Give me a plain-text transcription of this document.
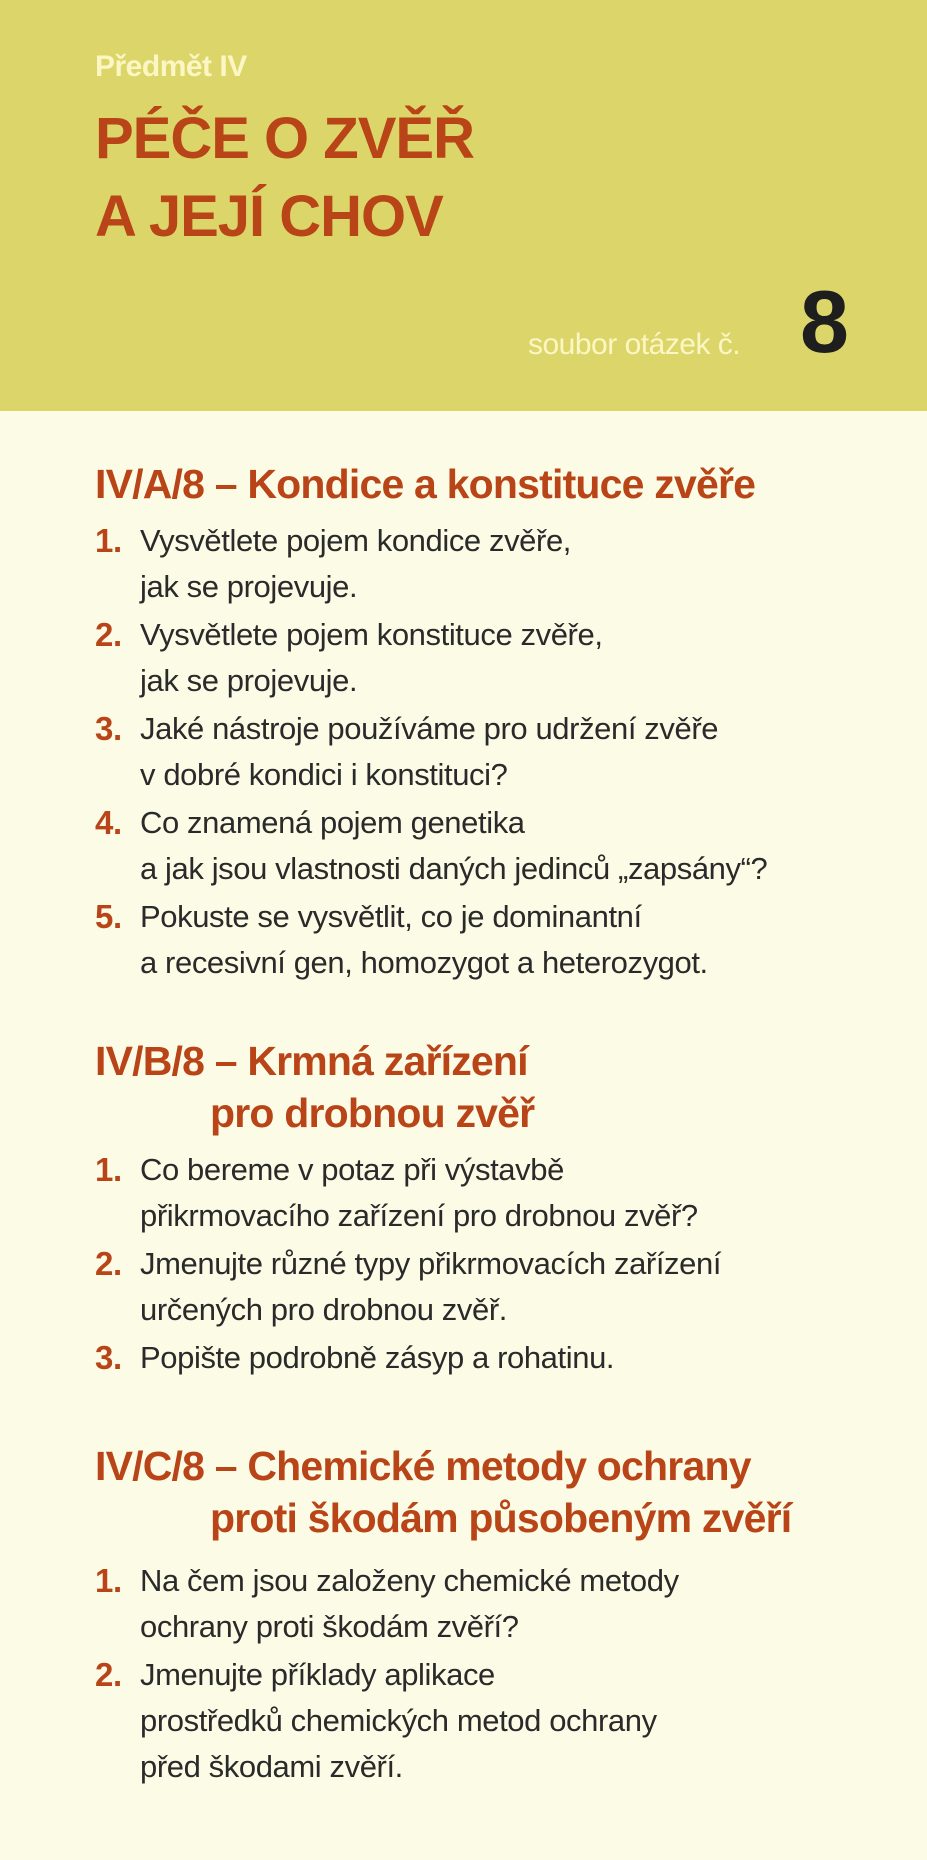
Předmět IV
PÉČE O ZVĚŘ
A JEJÍ CHOV
soubor otázek č. 8
IV/A/8 – Kondice a konstituce zvěře
1. Vysvětlete pojem kondice zvěře,
jak se projevuje.
2. Vysvětlete pojem konstituce zvěře,
jak se projevuje.
3. Jaké nástroje používáme pro udržení zvěře
v dobré kondici i konstituci?
4. Co znamená pojem genetika
a jak jsou vlastnosti daných jedinců „zapsány“?
5. Pokuste se vysvětlit, co je dominantní
a recesivní gen, homozygot a heterozygot.
IV/B/8 – Krmná zařízení
pro drobnou zvěř
1. Co bereme v potaz při výstavbě
přikrmovacího zařízení pro drobnou zvěř?
2. Jmenujte různé typy přikrmovacích zařízení
určených pro drobnou zvěř.
3. Popište podrobně zásyp a rohatinu.
IV/C/8 – Chemické metody ochrany
proti škodám působeným zvěří
1. Na čem jsou založeny chemické metody
ochrany proti škodám zvěří?
2. Jmenujte příklady aplikace
prostředků chemických metod ochrany
před škodami zvěří.
